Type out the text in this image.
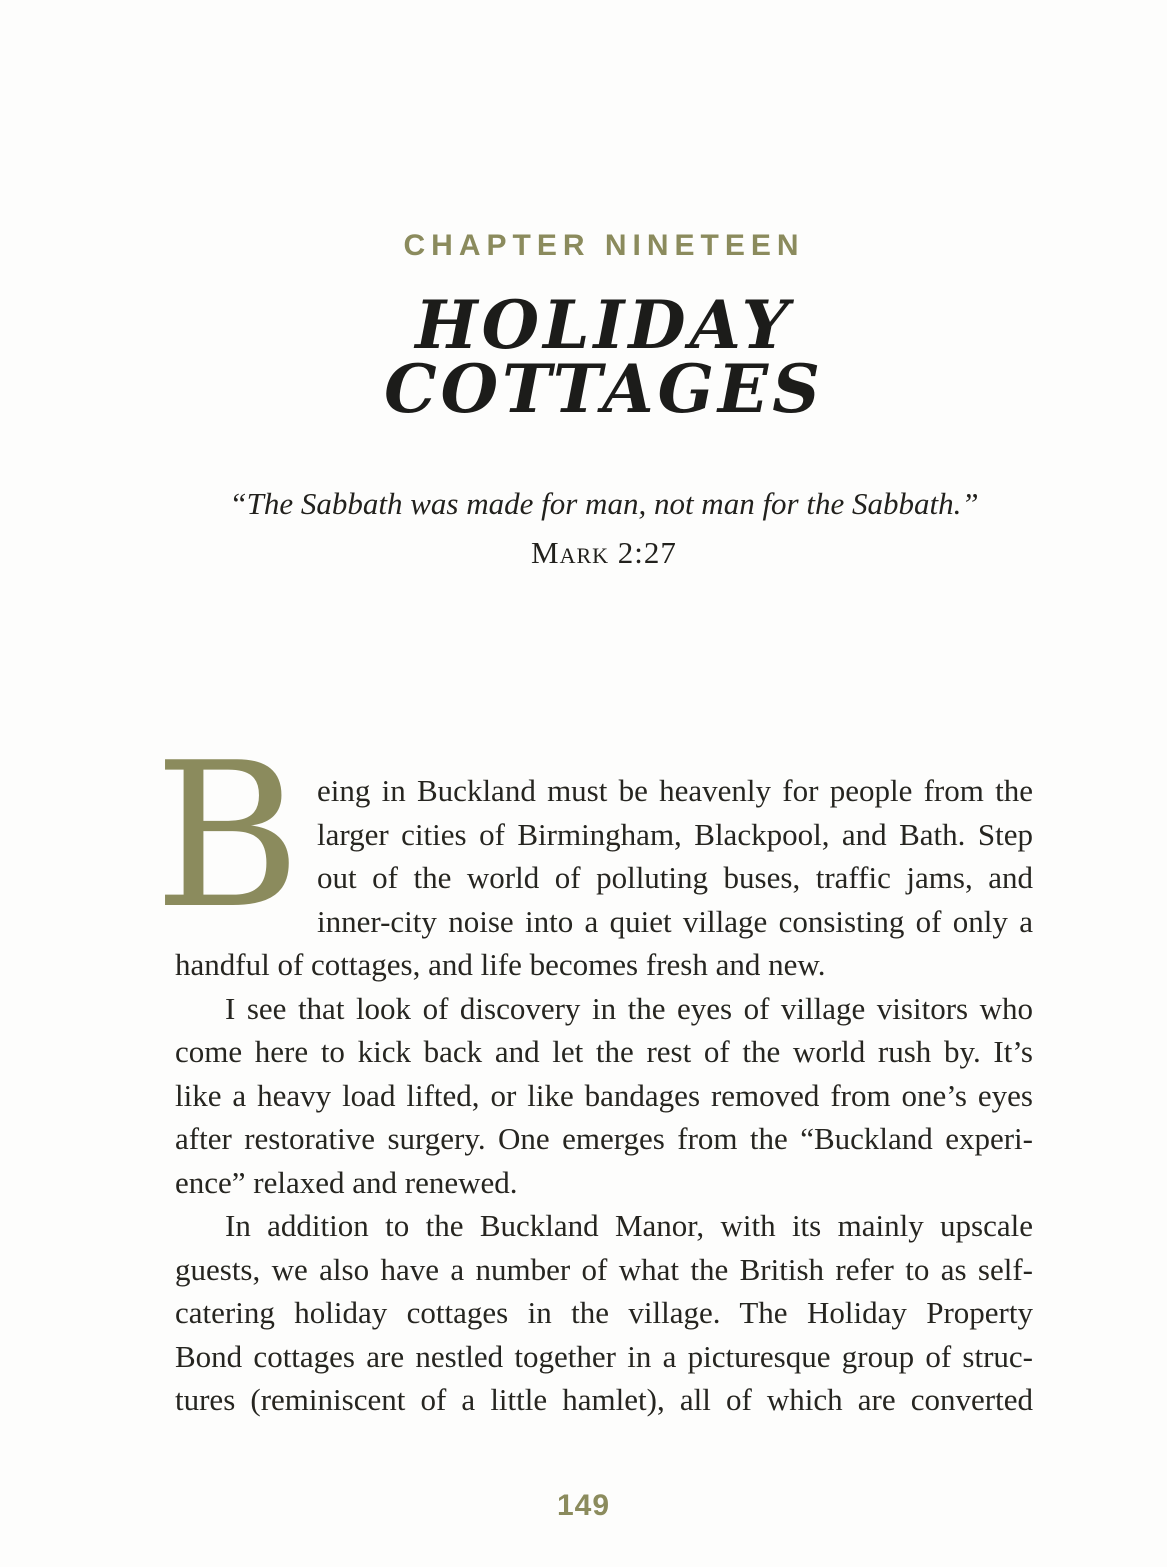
CHAPTER NINETEEN
HOLIDAY
COTTAGES
“The Sabbath was made for man, not man for the Sabbath.”
Mark 2:27
B eing in Buckland must be heavenly for people from the
larger cities of Birmingham, Blackpool, and Bath. Step
out of the world of polluting buses, traffic jams, and
inner-city noise into a quiet village consisting of only a
handful of cottages, and life becomes fresh and new.
I see that look of discovery in the eyes of village visitors who
come here to kick back and let the rest of the world rush by. It’s
like a heavy load lifted, or like bandages removed from one’s eyes
after restorative surgery. One emerges from the “Buckland experi-
ence” relaxed and renewed.
In addition to the Buckland Manor, with its mainly upscale
guests, we also have a number of what the British refer to as self-
catering holiday cottages in the village. The Holiday Property
Bond cottages are nestled together in a picturesque group of struc-
tures (reminiscent of a little hamlet), all of which are converted
149
